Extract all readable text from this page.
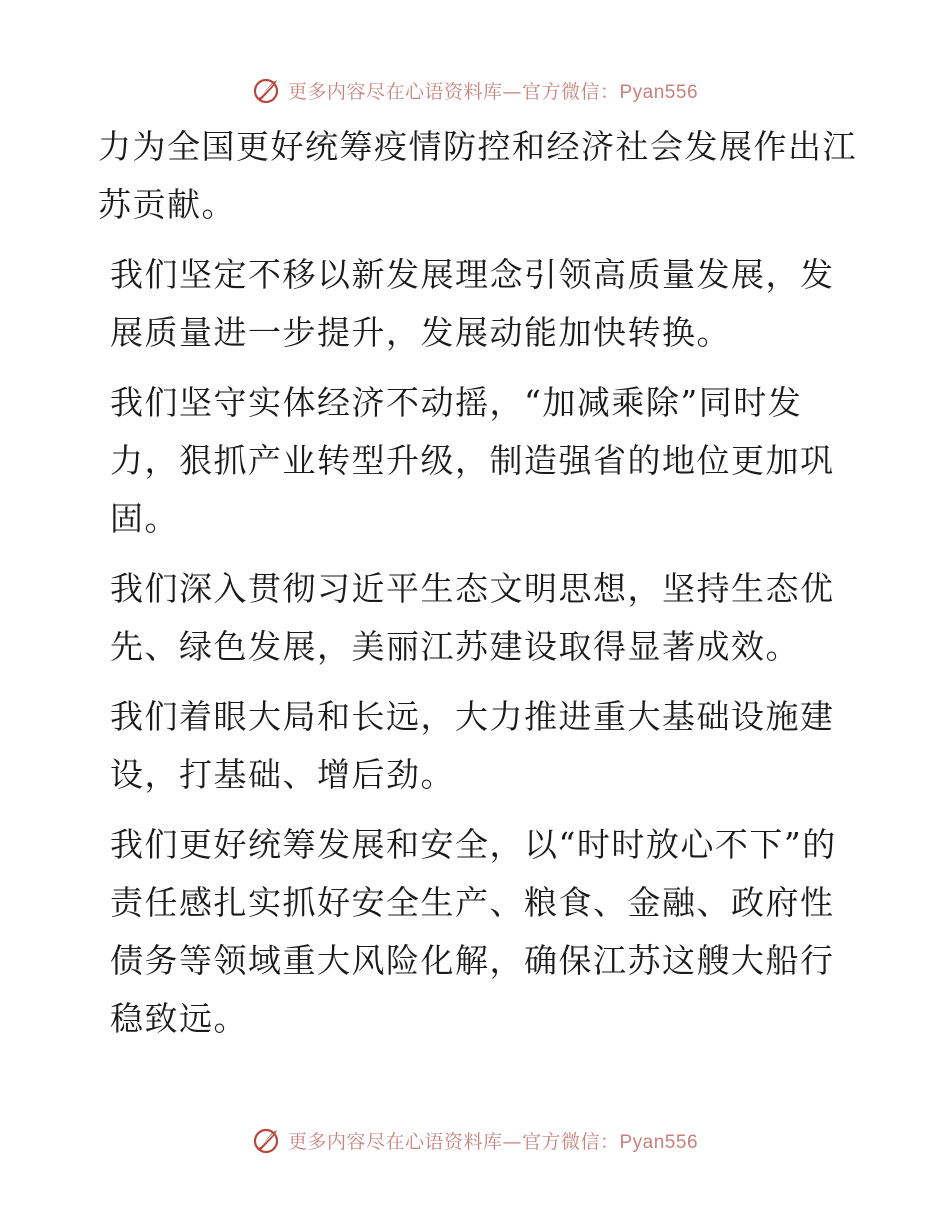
更多内容尽在心语资料库—官方微信：Pyan556

力为全国更好统筹疫情防控和经济社会发展作出江苏贡献。

我们坚定不移以新发展理念引领高质量发展，发展质量进一步提升，发展动能加快转换。

我们坚守实体经济不动摇，“加减乘除”同时发力，狠抓产业转型升级，制造强省的地位更加巩固。

我们深入贯彻习近平生态文明思想，坚持生态优先、绿色发展，美丽江苏建设取得显著成效。

我们着眼大局和长远，大力推进重大基础设施建设，打基础、增后劲。

我们更好统筹发展和安全，以“时时放心不下”的责任感扎实抓好安全生产、粮食、金融、政府性债务等领域重大风险化解，确保江苏这艘大船行稳致远。

更多内容尽在心语资料库—官方微信：Pyan556
